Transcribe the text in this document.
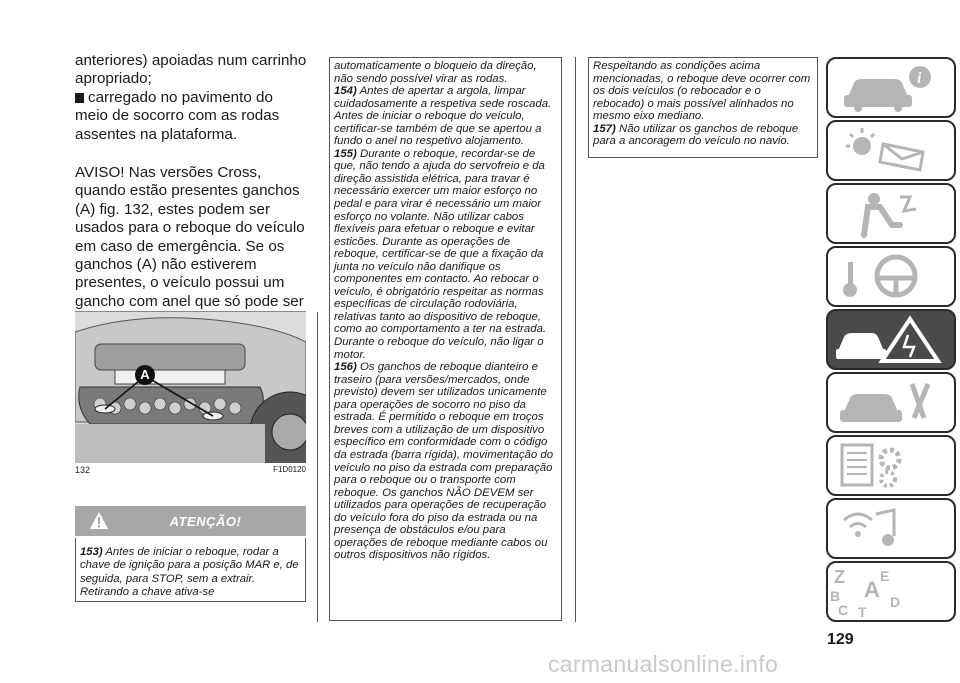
anteriores) apoiadas num carrinho apropriado;

carregado no pavimento do meio de socorro com as rodas assentes na plataforma.

AVISO! Nas versões Cross, quando estão presentes ganchos (A) fig. 132, estes podem ser usados para o reboque do veículo em caso de emergência. Se os ganchos (A) não estiverem presentes, o veículo possui um gancho com anel que só pode ser

A
132	F1D0120
ATENÇÃO!
153) Antes de iniciar o reboque, rodar a chave de ignição para a posição MAR e, de seguida, para STOP, sem a extrair. Retirando a chave ativa-se

automaticamente o bloqueio da direção, não sendo possível virar as rodas.

154) Antes de apertar a argola, limpar cuidadosamente a respetiva sede roscada. Antes de iniciar o reboque do veículo, certificar-se também de que se apertou a fundo o anel no respetivo alojamento.

155) Durante o reboque, recordar-se de que, não tendo a ajuda do servofreio e da direção assistida elétrica, para travar é necessário exercer um maior esforço no pedal e para virar é necessário um maior esforço no volante. Não utilizar cabos flexíveis para efetuar o reboque e evitar esticões. Durante as operações de reboque, certificar-se de que a fixação da junta no veículo não danifique os componentes em contacto. Ao rebocar o veículo, é obrigatório respeitar as normas específicas de circulação rodoviária, relativas tanto ao dispositivo de reboque, como ao comportamento a ter na estrada. Durante o reboque do veículo, não ligar o motor.

156) Os ganchos de reboque dianteiro e traseiro (para versões/mercados, onde previsto) devem ser utilizados unicamente para operações de socorro no piso da estrada. É permitido o reboque em troços breves com a utilização de um dispositivo específico em conformidade com o código da estrada (barra rígida), movimentação do veículo no piso da estrada com preparação para o reboque ou o transporte com reboque. Os ganchos NÃO DEVEM ser utilizados para operações de recuperação do veículo fora do piso da estrada ou na presença de obstáculos e/ou para operações de reboque mediante cabos ou outros dispositivos não rígidos.

Respeitando as condições acima mencionadas, o reboque deve ocorrer com os dois veículos (o rebocador e o rebocado) o mais possível alinhados no mesmo eixo mediano.

157) Não utilizar os ganchos de reboque para a ancoragem do veículo no navio.

i
Z	E
B A
C T
D
129
carmanualsonline.info
